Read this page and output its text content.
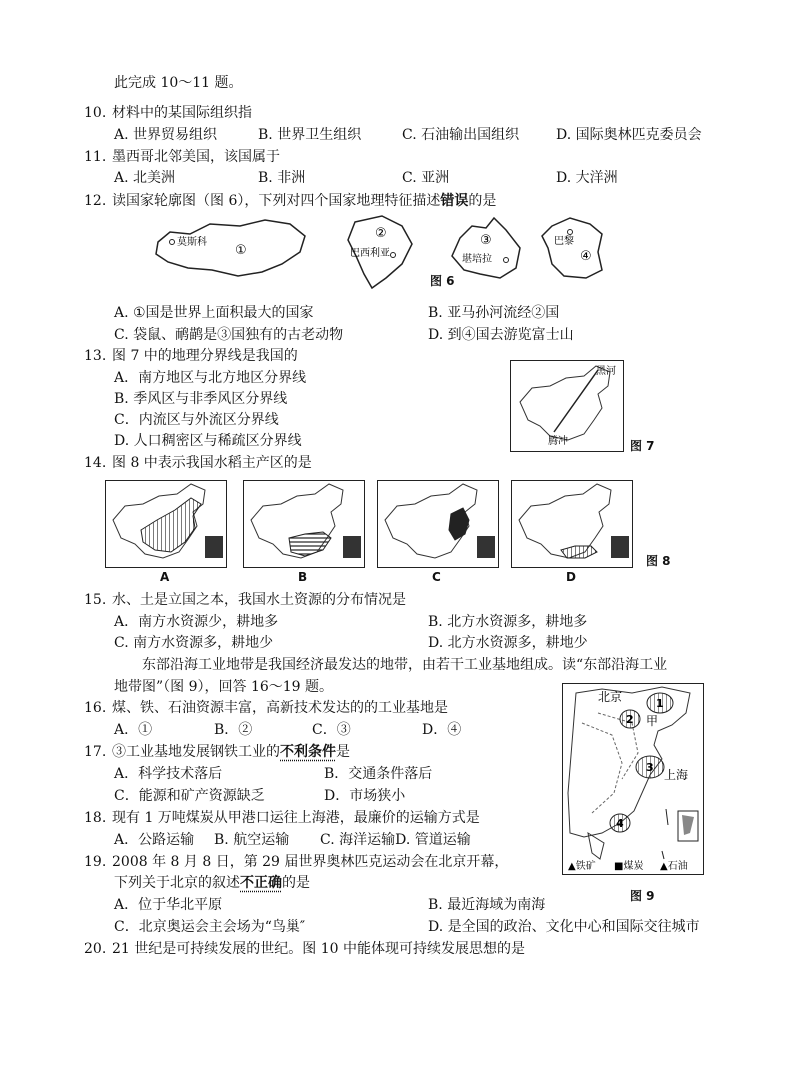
此完成 10～11 题。
10. 材料中的某国际组织指
A. 世界贸易组织	B. 世界卫生组织	C. 石油输出国组织	D. 国际奥林匹克委员会
11. 墨西哥北邻美国，该国属于
A. 北美洲	B. 非洲	C. 亚洲	D. 大洋洲
12. 读国家轮廓图（图 6），下列对四个国家地理特征描述错误的是
莫斯科
①
②
巴西利亚
③
堪培拉
巴黎
④
图 6
A. ①国是世界上面积最大的国家	B. 亚马孙河流经②国
C. 袋鼠、鸸鹋是③国独有的古老动物	D. 到④国去游览富士山
13. 图 7 中的地理分界线是我国的
A．南方地区与北方地区分界线
B. 季风区与非季风区分界线
C．内流区与外流区分界线
D. 人口稠密区与稀疏区分界线
黑河
腾冲	图 7
14. 图 8 中表示我国水稻主产区的是
图 8
A	B	C	D
15. 水、土是立国之本，我国水土资源的分布情况是
A．南方水资源少，耕地多	B. 北方水资源多，耕地多
C. 南方水资源多，耕地少	D. 北方水资源多，耕地少
东部沿海工业地带是我国经济最发达的地带，由若干工业基地组成。读“东部沿海工业
地带图”（图 9），回答 16～19 题。
1
2
3
4
北京
甲
上海
▲铁矿 ■煤炭 ▲石油
图 9
16. 煤、铁、石油资源丰富，高新技术发达的的工业基地是
A．①	B．②	C．③	D．④
17. ③工业基地发展钢铁工业的不利条件是
A．科学技术落后	B．交通条件落后
C．能源和矿产资源缺乏	D．市场狭小
18. 现有 1 万吨煤炭从甲港口运往上海港，最廉价的运输方式是
A．公路运输 B. 航空运输 C. 海洋运输D. 管道运输
19. 2008 年 8 月 8 日，第 29 届世界奥林匹克运动会在北京开幕，
下列关于北京的叙述不正确的是
A．位于华北平原	B. 最近海域为南海
C．北京奥运会主会场为“鸟巢″	D. 是全国的政治、文化中心和国际交往城市
20. 21 世纪是可持续发展的世纪。图 10 中能体现可持续发展思想的是
